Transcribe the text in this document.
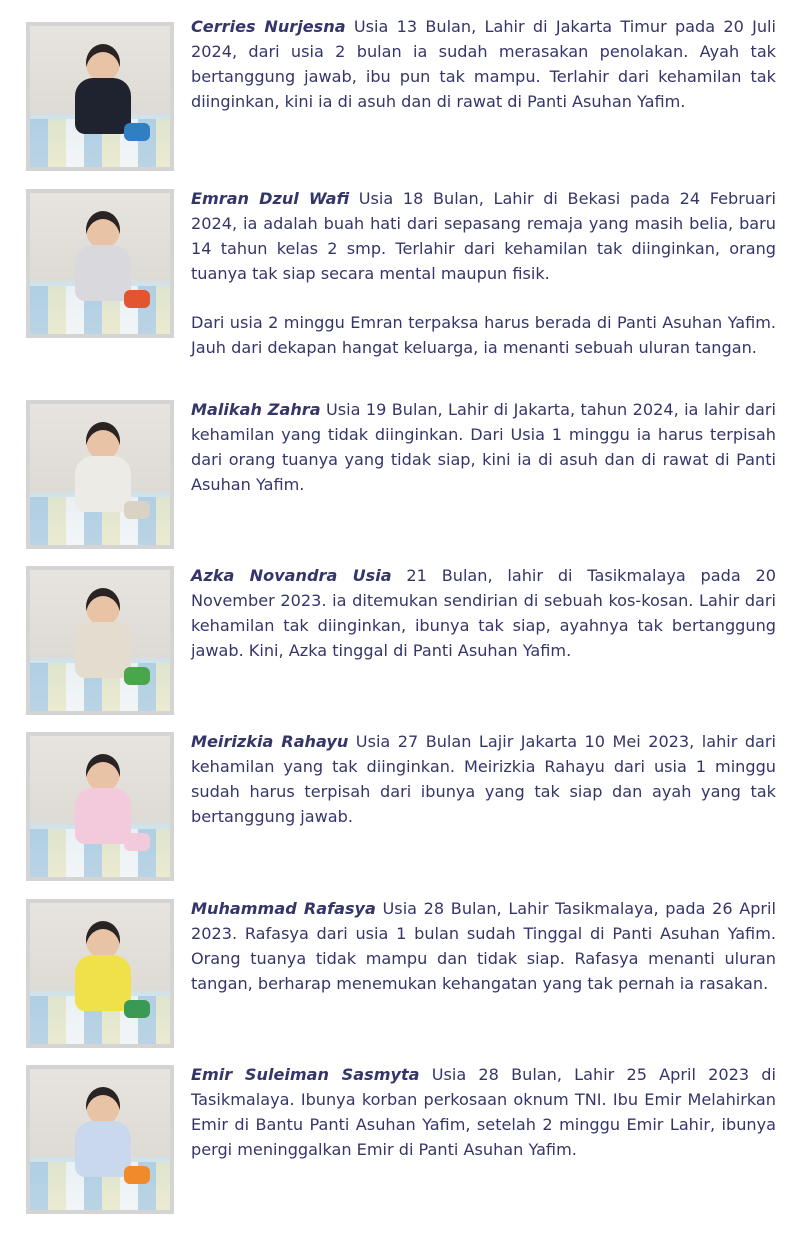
Cerries Nurjesna Usia 13 Bulan, Lahir di Jakarta Timur pada 20 Juli 2024, dari usia 2 bulan ia sudah merasakan penolakan. Ayah tak bertanggung jawab, ibu pun tak mampu. Terlahir dari kehamilan tak diinginkan, kini ia di asuh dan di rawat di Panti Asuhan Yafim.

Emran Dzul Wafi Usia 18 Bulan, Lahir di Bekasi pada 24 Februari 2024, ia adalah buah hati dari sepasang remaja yang masih belia, baru 14 tahun kelas 2 smp. Terlahir dari kehamilan tak diinginkan, orang tuanya tak siap secara mental maupun fisik.

Dari usia 2 minggu Emran terpaksa harus berada di Panti Asuhan Yafim. Jauh dari dekapan hangat keluarga, ia menanti sebuah uluran tangan.

Malikah Zahra Usia 19 Bulan, Lahir di Jakarta, tahun 2024, ia lahir dari kehamilan yang tidak diinginkan. Dari Usia 1 minggu ia harus terpisah dari orang tuanya yang tidak siap, kini ia di asuh dan di rawat di Panti Asuhan Yafim.

Azka Novandra Usia 21 Bulan, lahir di Tasikmalaya pada 20 November 2023. ia ditemukan sendirian di sebuah kos-kosan. Lahir dari kehamilan tak diinginkan, ibunya tak siap, ayahnya tak bertanggung jawab. Kini, Azka tinggal di Panti Asuhan Yafim.

Meirizkia Rahayu Usia 27 Bulan Lajir Jakarta 10 Mei 2023, lahir dari kehamilan yang tak diinginkan. Meirizkia Rahayu dari usia 1 minggu sudah harus terpisah dari ibunya yang tak siap dan ayah yang tak bertanggung jawab.

Muhammad Rafasya Usia 28 Bulan, Lahir Tasikmalaya, pada 26 April 2023. Rafasya dari usia 1 bulan sudah Tinggal di Panti Asuhan Yafim. Orang tuanya tidak mampu dan tidak siap. Rafasya menanti uluran tangan, berharap menemukan kehangatan yang tak pernah ia rasakan.

Emir Suleiman Sasmyta Usia 28 Bulan, Lahir 25 April 2023 di Tasikmalaya. Ibunya korban perkosaan oknum TNI. Ibu Emir Melahirkan Emir di Bantu Panti Asuhan Yafim, setelah 2 minggu Emir Lahir, ibunya pergi meninggalkan Emir di Panti Asuhan Yafim.
